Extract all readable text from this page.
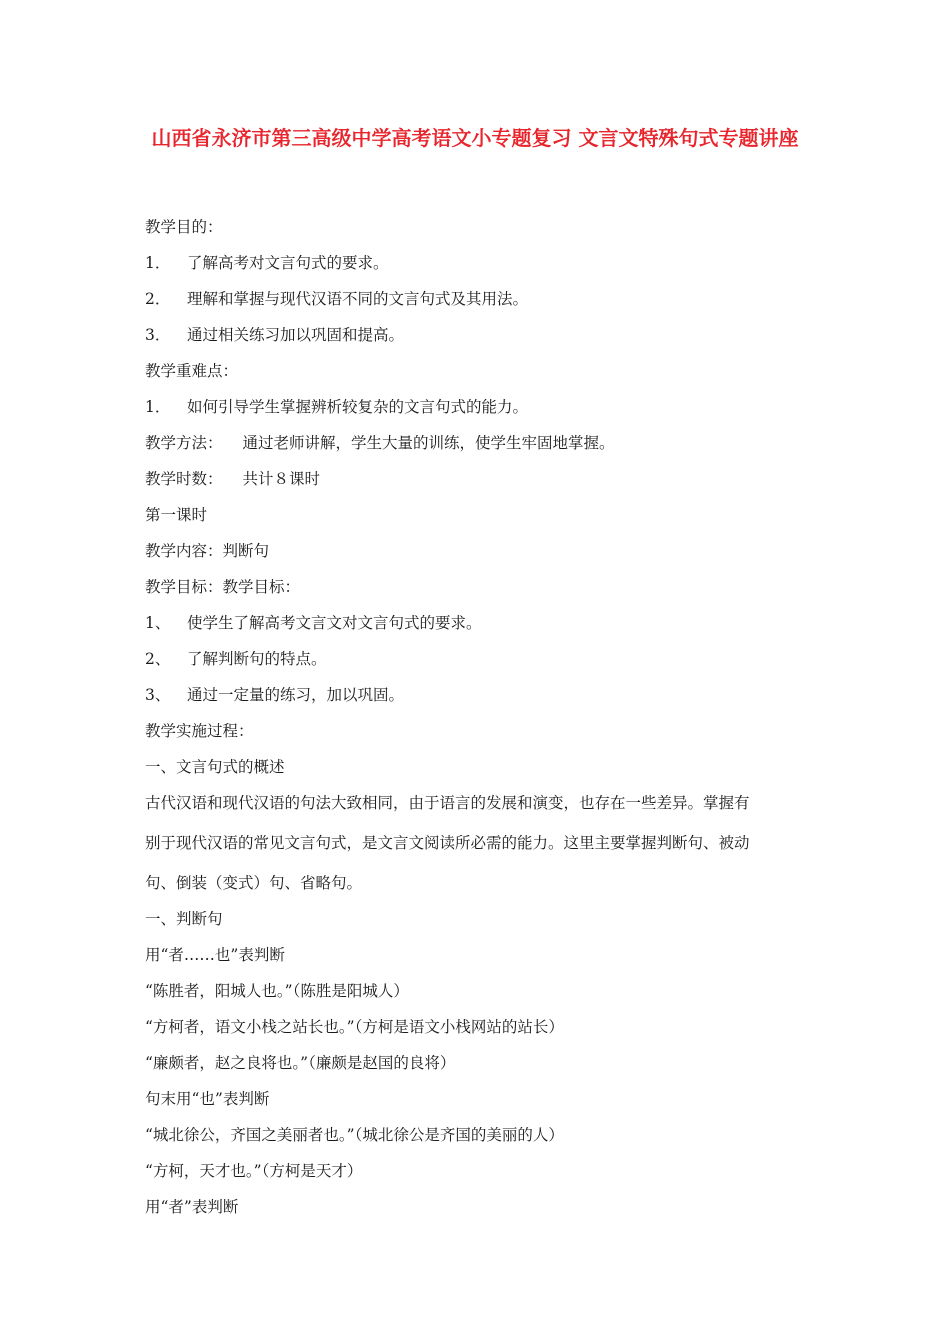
山西省永济市第三高级中学高考语文小专题复习 文言文特殊句式专题讲座
教学目的：
1． 了解高考对文言句式的要求。
2． 理解和掌握与现代汉语不同的文言句式及其用法。
3． 通过相关练习加以巩固和提高。
教学重难点：
1． 如何引导学生掌握辨析较复杂的文言句式的能力。
教学方法： 通过老师讲解，学生大量的训练，使学生牢固地掌握。
教学时数： 共计８课时
第一课时
教学内容：判断句
教学目标：教学目标：
1、 使学生了解高考文言文对文言句式的要求。
2、 了解判断句的特点。
3、 通过一定量的练习，加以巩固。
教学实施过程：
一、文言句式的概述
古代汉语和现代汉语的句法大致相同，由于语言的发展和演变，也存在一些差异。掌握有
别于现代汉语的常见文言句式，是文言文阅读所必需的能力。这里主要掌握判断句、被动
句、倒装（变式）句、省略句。
一、判断句
用“者……也”表判断
“陈胜者，阳城人也。”（陈胜是阳城人）
“方柯者，语文小栈之站长也。”（方柯是语文小栈网站的站长）
“廉颇者，赵之良将也。”（廉颇是赵国的良将）
句末用“也”表判断
“城北徐公，齐国之美丽者也。”（城北徐公是齐国的美丽的人）
“方柯，天才也。”（方柯是天才）
用“者”表判断
